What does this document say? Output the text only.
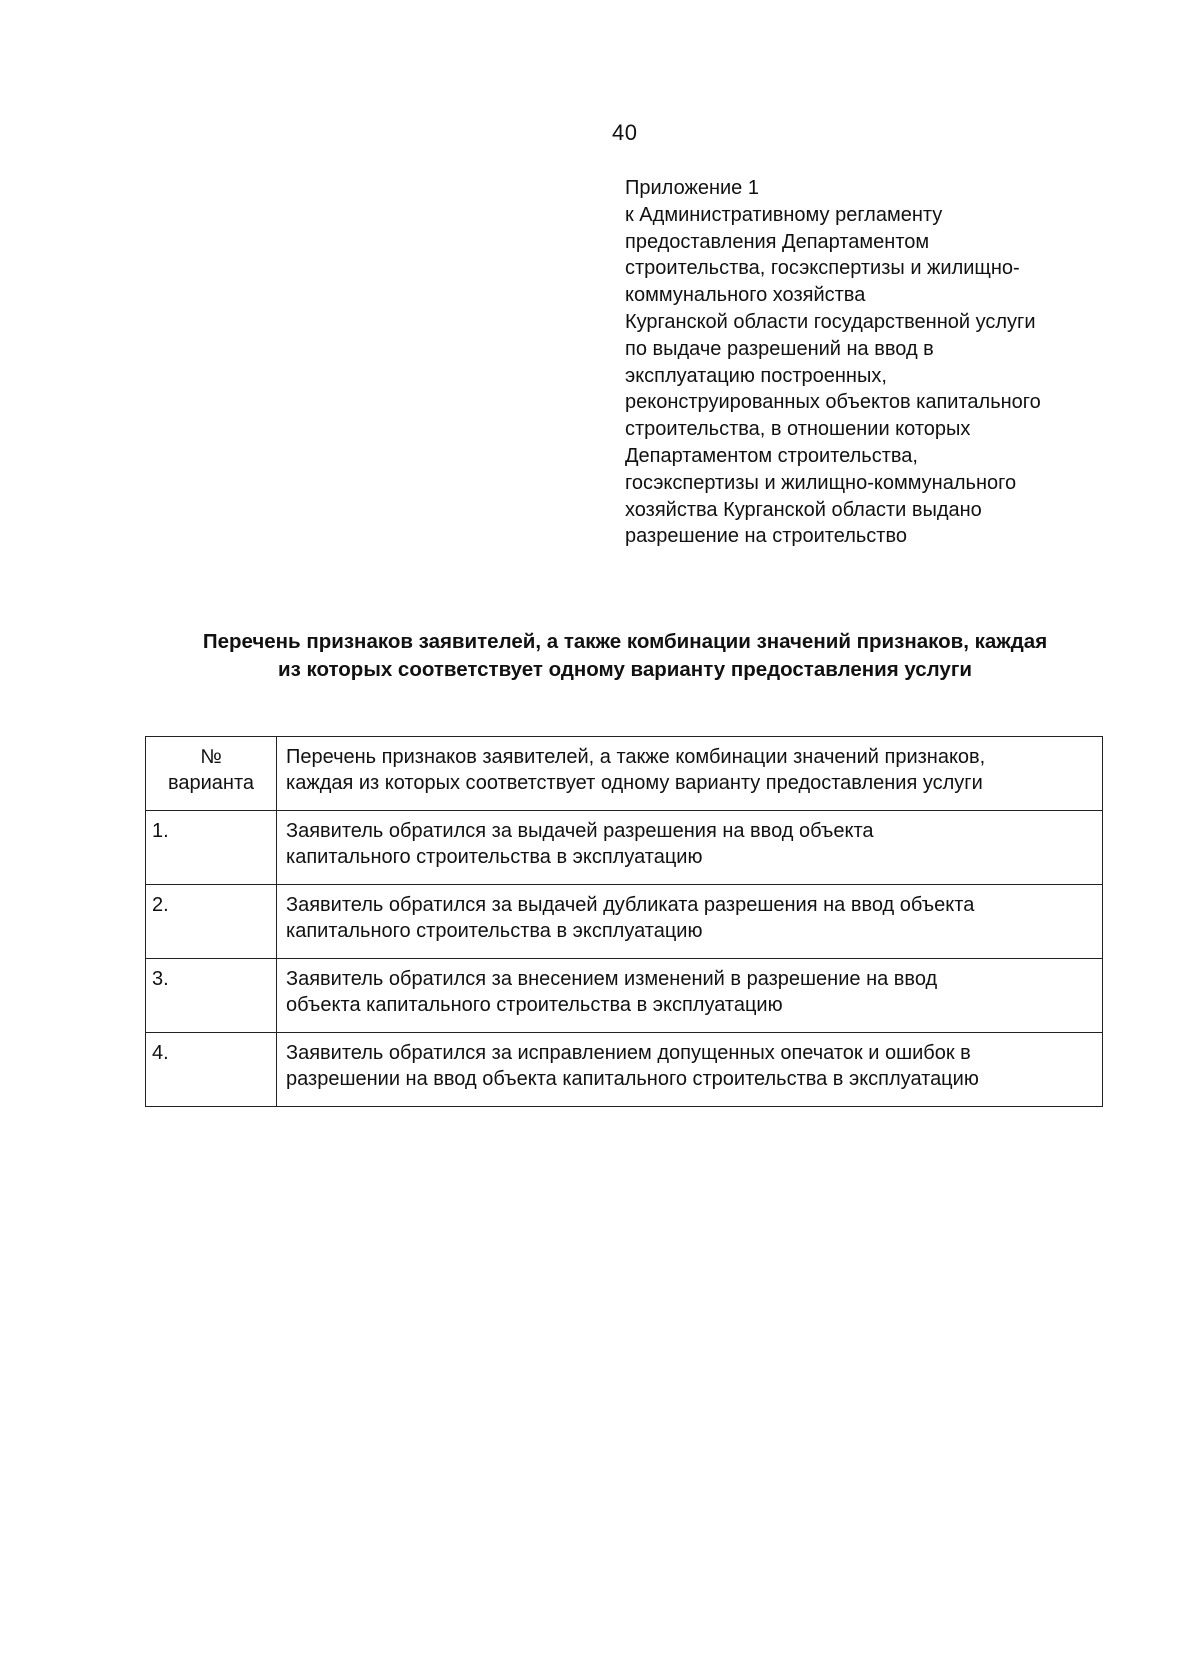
40
Приложение 1
к Административному регламенту
предоставления Департаментом
строительства, госэкспертизы и жилищно-
коммунального хозяйства
Курганской области государственной услуги
по выдаче разрешений на ввод в
эксплуатацию построенных,
реконструированных объектов капитального
строительства, в отношении которых
Департаментом строительства,
госэкспертизы и жилищно-коммунального
хозяйства Курганской области выдано
разрешение на строительство
Перечень признаков заявителей, а также комбинации значений признаков, каждая
из которых соответствует одному варианту предоставления услуги
№
варианта	Перечень признаков заявителей, а также комбинации значений признаков,
каждая из которых соответствует одному варианту предоставления услуги

1.	Заявитель обратился за выдачей разрешения на ввод объекта
капитального строительства в эксплуатацию

2.	Заявитель обратился за выдачей дубликата разрешения на ввод объекта
капитального строительства в эксплуатацию

3.	Заявитель обратился за внесением изменений в разрешение на ввод
объекта капитального строительства в эксплуатацию

4.	Заявитель обратился за исправлением допущенных опечаток и ошибок в
разрешении на ввод объекта капитального строительства в эксплуатацию
